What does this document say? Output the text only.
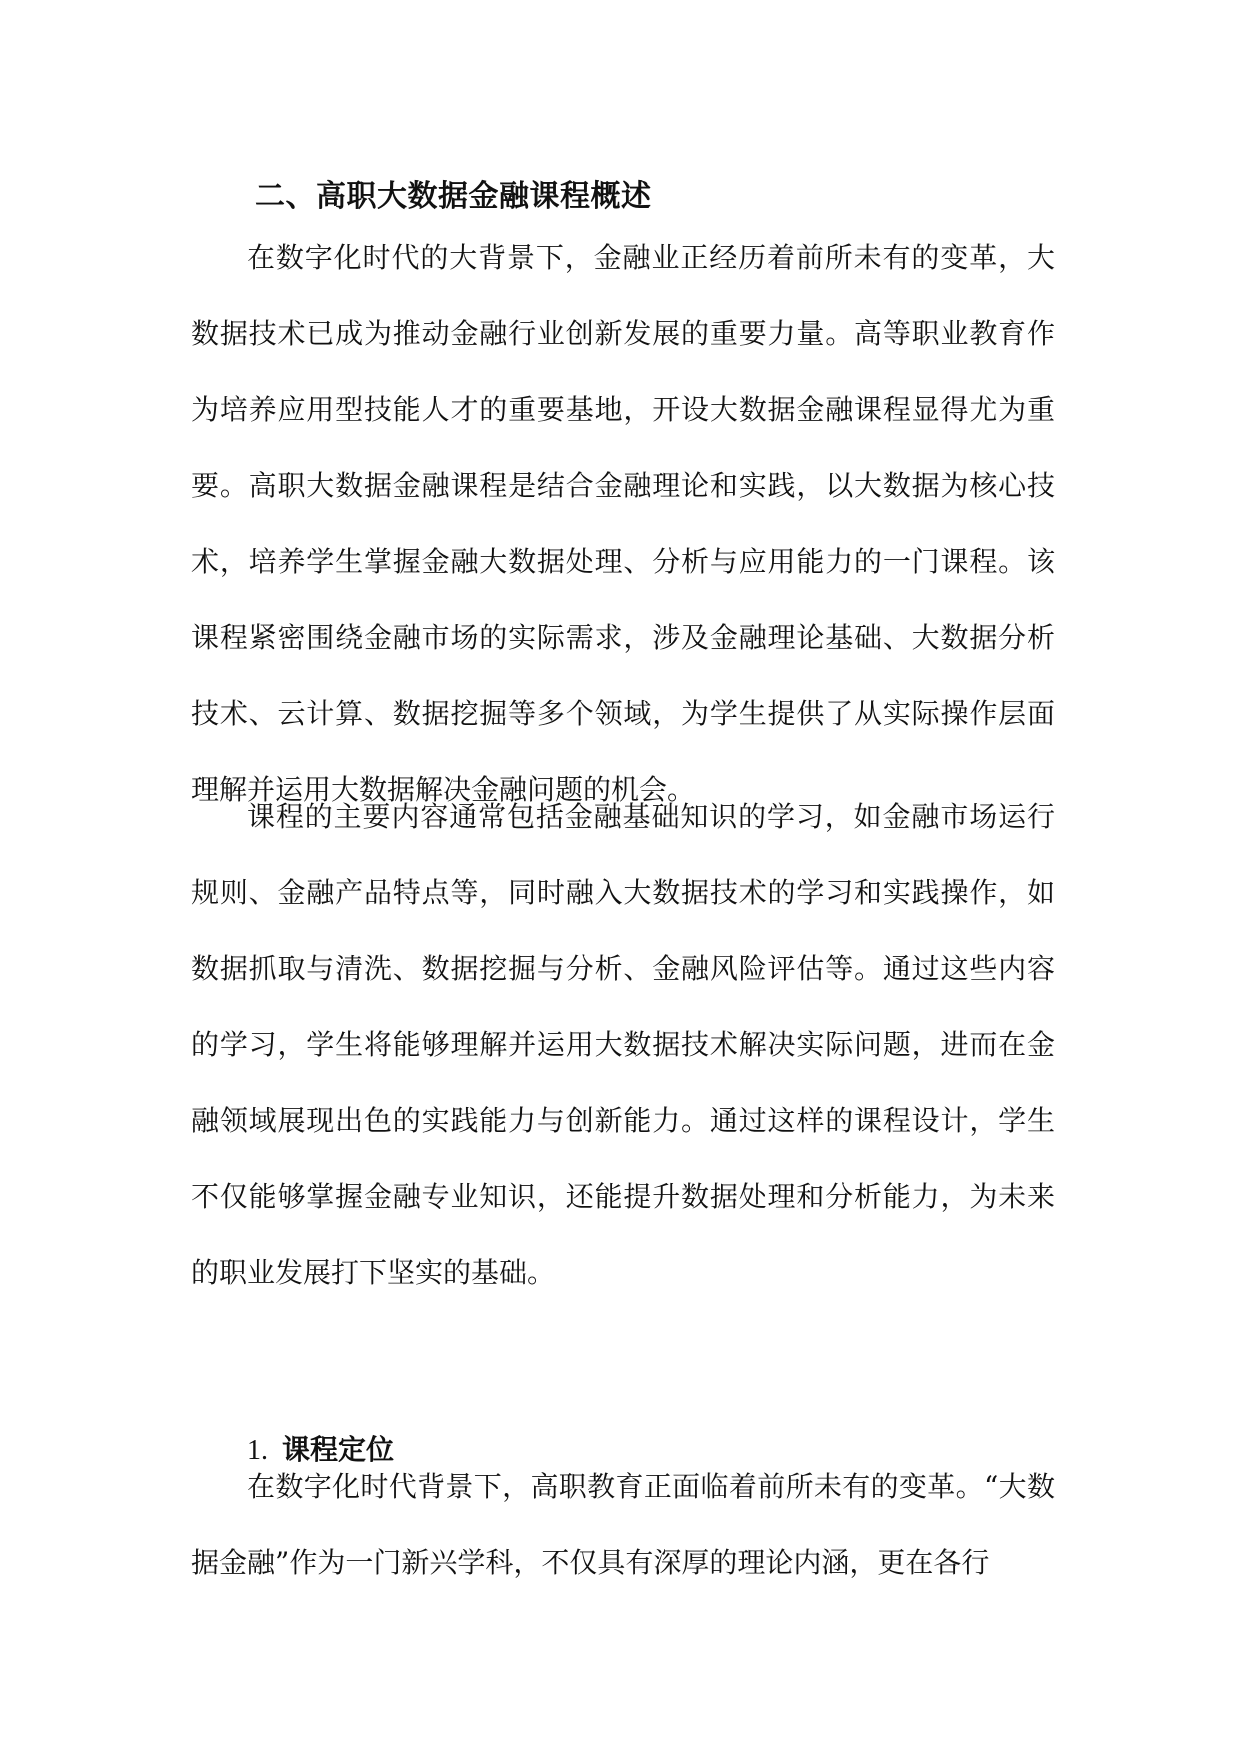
二、高职大数据金融课程概述

在数字化时代的大背景下，金融业正经历着前所未有的变革，大数据技术已成为推动金融行业创新发展的重要力量。高等职业教育作为培养应用型技能人才的重要基地，开设大数据金融课程显得尤为重要。高职大数据金融课程是结合金融理论和实践，以大数据为核心技术，培养学生掌握金融大数据处理、分析与应用能力的一门课程。该课程紧密围绕金融市场的实际需求，涉及金融理论基础、大数据分析技术、云计算、数据挖掘等多个领域，为学生提供了从实际操作层面理解并运用大数据解决金融问题的机会。

课程的主要内容通常包括金融基础知识的学习，如金融市场运行规则、金融产品特点等，同时融入大数据技术的学习和实践操作，如数据抓取与清洗、数据挖掘与分析、金融风险评估等。通过这些内容的学习，学生将能够理解并运用大数据技术解决实际问题，进而在金融领域展现出色的实践能力与创新能力。通过这样的课程设计，学生不仅能够掌握金融专业知识，还能提升数据处理和分析能力，为未来的职业发展打下坚实的基础。

1. 课程定位

在数字化时代背景下，高职教育正面临着前所未有的变革。“大数据金融”作为一门新兴学科，不仅具有深厚的理论内涵，更在各行
